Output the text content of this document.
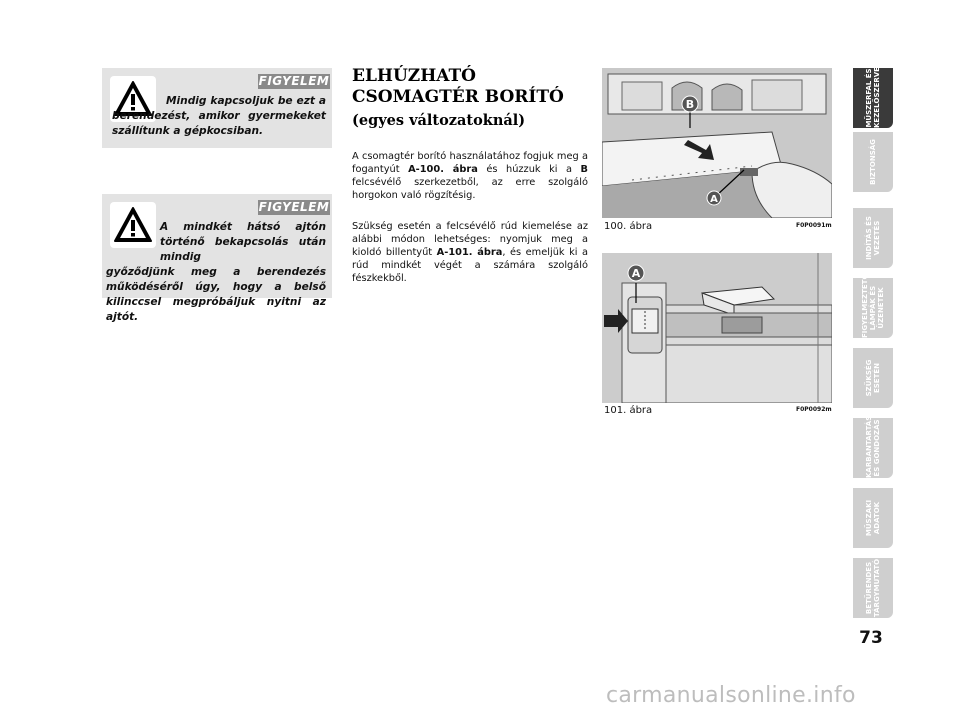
FIGYELEM
Mindig kapcsoljuk be ezt a berendezést, amikor gyermekeket szállítunk a gépkocsiban.
FIGYELEM
A mindkét hátsó ajtón történő bekapcsolás után mindig
győződjünk meg a berendezés működéséről úgy, hogy a belső kilinccsel megpróbáljuk nyitni az ajtót.
ELHÚZHATÓ
CSOMAGTÉR BORÍTÓ
(egyes változatoknál)
A csomagtér borító használatához fogjuk meg a fogantyút A-100. ábra és húzzuk ki a B felcsévélő szerkezetből, az erre szolgáló horgokon való rögzítésig.
Szükség esetén a felcsévélő rúd kiemelése az alábbi módon lehetséges: nyomjuk meg a kioldó billentyűt A-101. ábra, és emeljük ki a rúd mindkét végét a számára szolgáló fészkekből.
B
A
100. ábra	F0P0091m
A
101. ábra	F0P0092m
MŰSZERFAL ÉS
KEZELŐSZERVEK
BIZTONSÁG
INDÍTÁS ÉS
VEZETÉS
FIGYELMEZTETŐ
LÁMPÁK ÉS
ÜZENETEK
SZÜKSÉG
ESETÉN
KARBANTARTÁS
ÉS GONDOZÁS
MŰSZAKI
ADATOK
BETŰRENDES
TÁRGYMUTATÓ
73
carmanualsonline.info
